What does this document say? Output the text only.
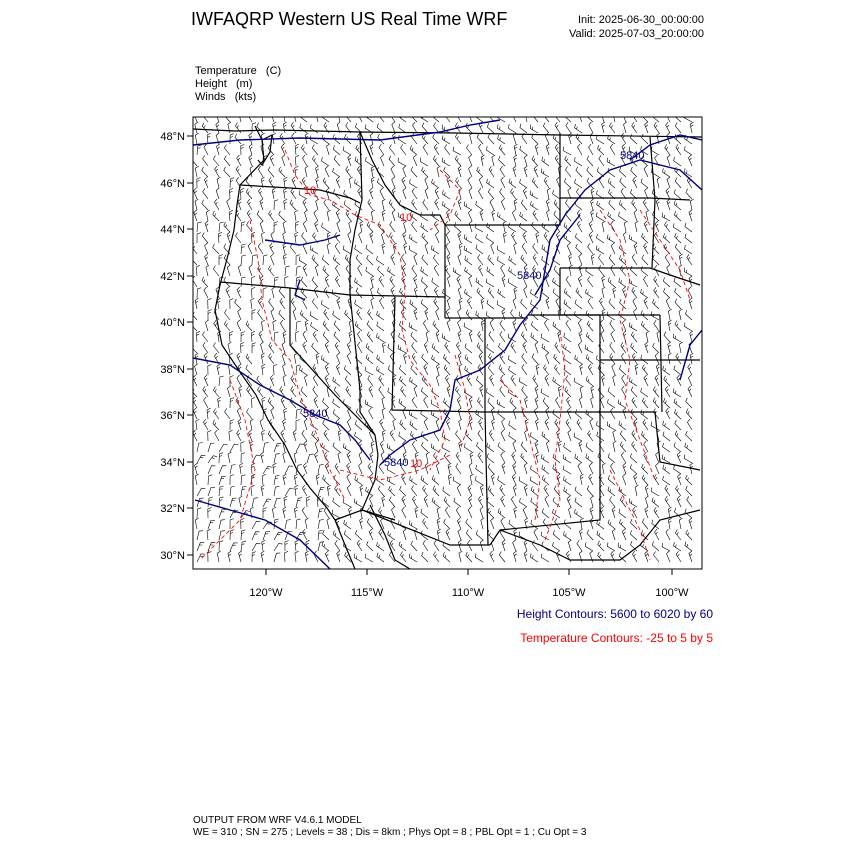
IWFAQRP Western US Real Time WRF	Init: 2025-06-30_00:00:00
Valid: 2025-07-03_20:00:00
Temperature   (C)
Height   (m)
Winds   (kts)
5840
5840
5840
5840
10
10
10
48°N
46°N
44°N
42°N
40°N
38°N
36°N
34°N
32°N
30°N
120°W	115°W	110°W	105°W	100°W
Height Contours: 5600 to 6020 by 60
Temperature Contours: -25 to 5 by 5
OUTPUT FROM WRF V4.6.1 MODEL
WE = 310 ; SN = 275 ; Levels = 38 ; Dis = 8km ; Phys Opt = 8 ; PBL Opt = 1 ; Cu Opt = 3
